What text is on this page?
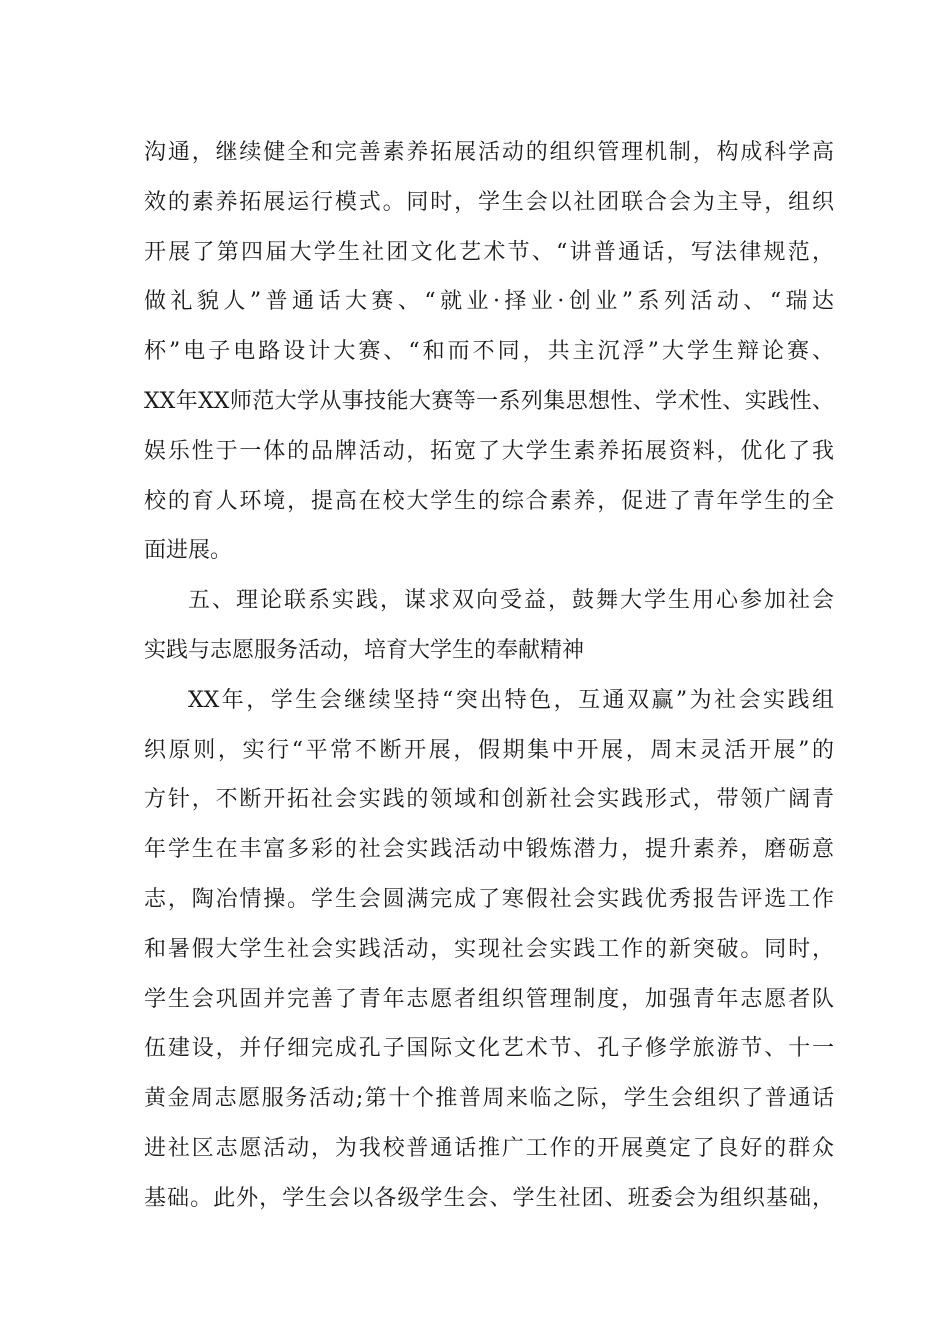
沟通，继续健全和完善素养拓展活动的组织管理机制，构成科学高
效的素养拓展运行模式。同时，学生会以社团联合会为主导，组织
开展了第四届大学生社团文化艺术节、“讲普通话，写法律规范，
做礼貌人”普通话大赛、“就业·择业·创业”系列活动、“瑞达
杯”电子电路设计大赛、“和而不同，共主沉浮”大学生辩论赛、
XX年XX师范大学从事技能大赛等一系列集思想性、学术性、实践性、
娱乐性于一体的品牌活动，拓宽了大学生素养拓展资料，优化了我
校的育人环境，提高在校大学生的综合素养，促进了青年学生的全
面进展。
五、理论联系实践，谋求双向受益，鼓舞大学生用心参加社会
实践与志愿服务活动，培育大学生的奉献精神
XX年，学生会继续坚持“突出特色，互通双赢”为社会实践组
织原则，实行“平常不断开展，假期集中开展，周末灵活开展”的
方针，不断开拓社会实践的领域和创新社会实践形式，带领广阔青
年学生在丰富多彩的社会实践活动中锻炼潜力，提升素养，磨砺意
志，陶冶情操。学生会圆满完成了寒假社会实践优秀报告评选工作
和暑假大学生社会实践活动，实现社会实践工作的新突破。同时，
学生会巩固并完善了青年志愿者组织管理制度，加强青年志愿者队
伍建设，并仔细完成孔子国际文化艺术节、孔子修学旅游节、十一
黄金周志愿服务活动;第十个推普周来临之际，学生会组织了普通话
进社区志愿活动，为我校普通话推广工作的开展奠定了良好的群众
基础。此外，学生会以各级学生会、学生社团、班委会为组织基础，
